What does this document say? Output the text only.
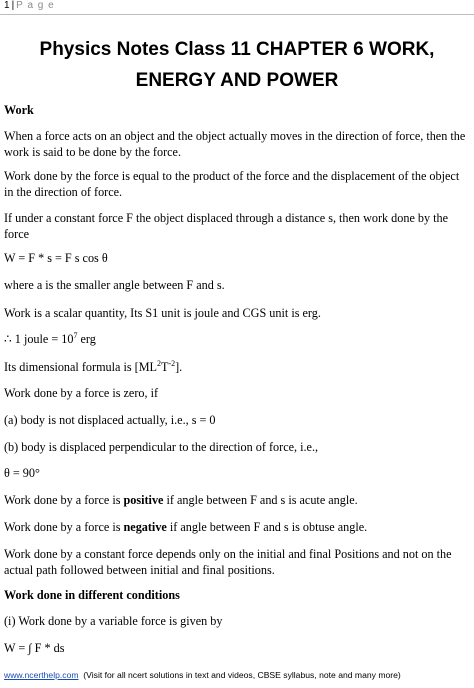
1 | P a g e
Physics Notes Class 11 CHAPTER 6 WORK,
ENERGY AND POWER
Work
When a force acts on an object and the object actually moves in the direction of force, then the work is said to be done by the force.
Work done by the force is equal to the product of the force and the displacement of the object in the direction of force.
If under a constant force F the object displaced through a distance s, then work done by the force
W = F * s = F s cos θ
where a is the smaller angle between F and s.
Work is a scalar quantity, Its S1 unit is joule and CGS unit is erg.
∴ 1 joule = $10^7$ erg
Its dimensional formula is $[ML^2T^{-2}]$.
Work done by a force is zero, if
(a) body is not displaced actually, i.e., s = 0
(b) body is displaced perpendicular to the direction of force, i.e.,
θ = 90°
Work done by a force is positive if angle between F and s is acute angle.
Work done by a force is negative if angle between F and s is obtuse angle.
Work done by a constant force depends only on the initial and final Positions and not on the actual path followed between initial and final positions.
Work done in different conditions
(i) Work done by a variable force is given by
W = ∫ F * ds
www.ncerthelp.com (Visit for all ncert solutions in text and videos, CBSE syllabus, note and many more)
